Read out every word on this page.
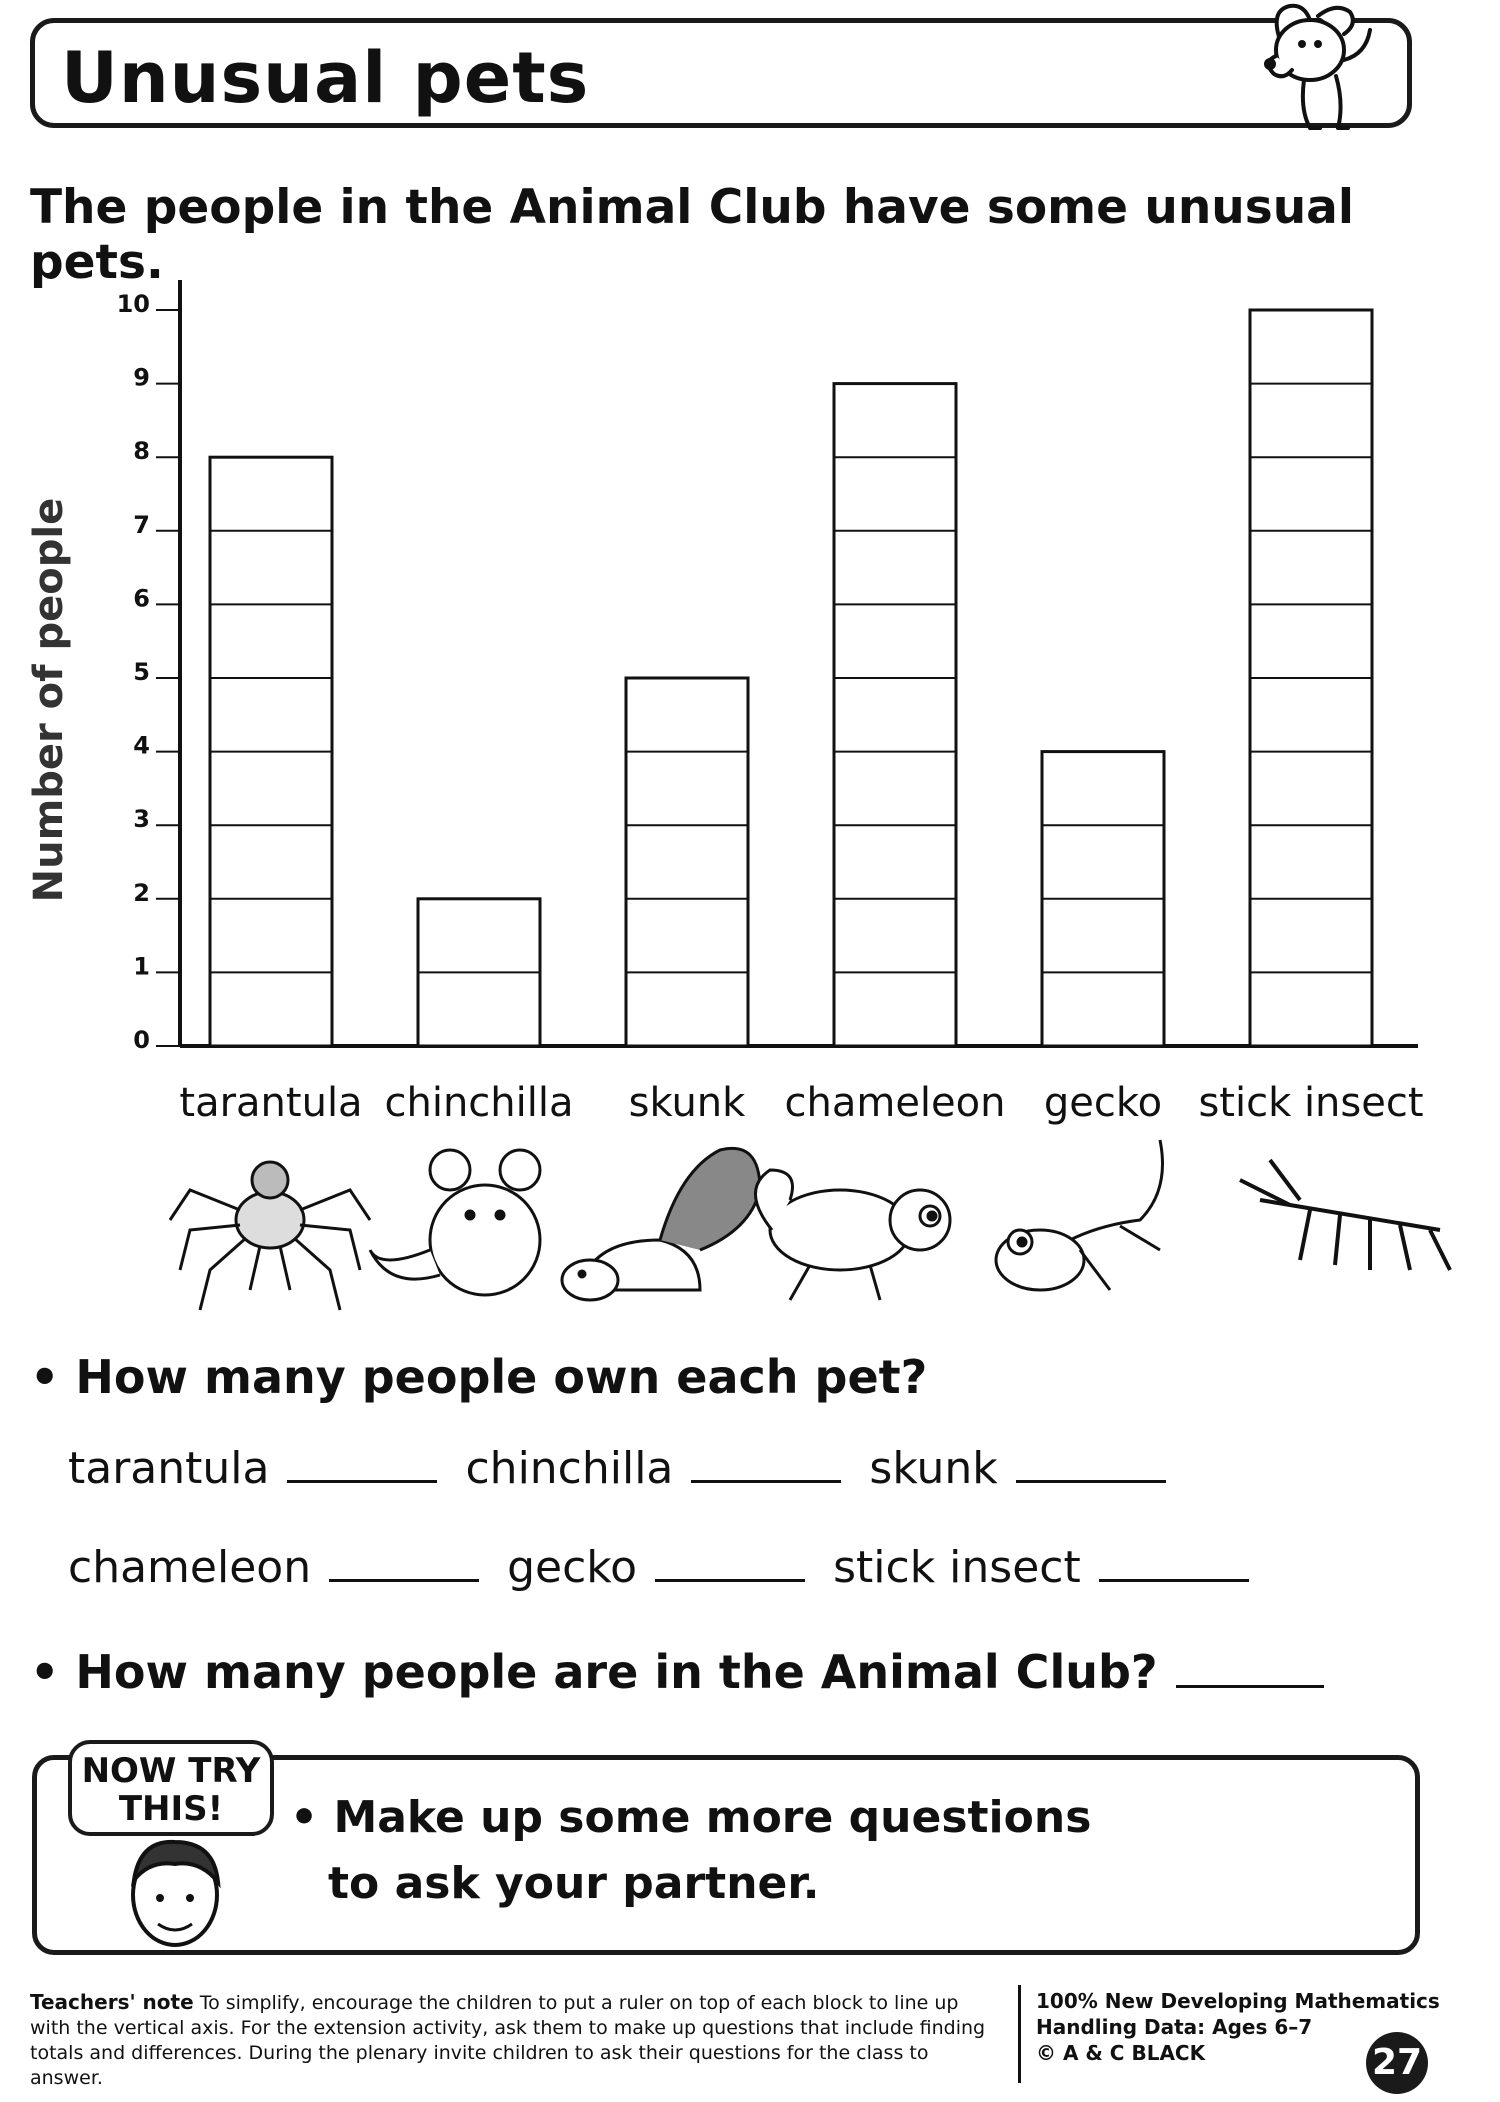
Unusual pets
The people in the Animal Club have some unusual pets.
0
1
2
3
4
5
6
7
8
9
10
Number of people
tarantula chinchilla skunk chameleon gecko stick insect
• How many people own each pet?
tarantula	chinchilla	skunk
chameleon	gecko	stick insect
• How many people are in the Animal Club?
NOW TRY
THIS!	• Make up some more questions
to ask your partner.
Teachers' note To simplify, encourage the children to put a ruler on top of each block to line up with the vertical axis. For the extension activity, ask them to make up questions that include finding totals and differences. During the plenary invite children to ask their questions for the class to answer.
100% New Developing Mathematics
Handling Data: Ages 6–7
© A & C BLACK	27
